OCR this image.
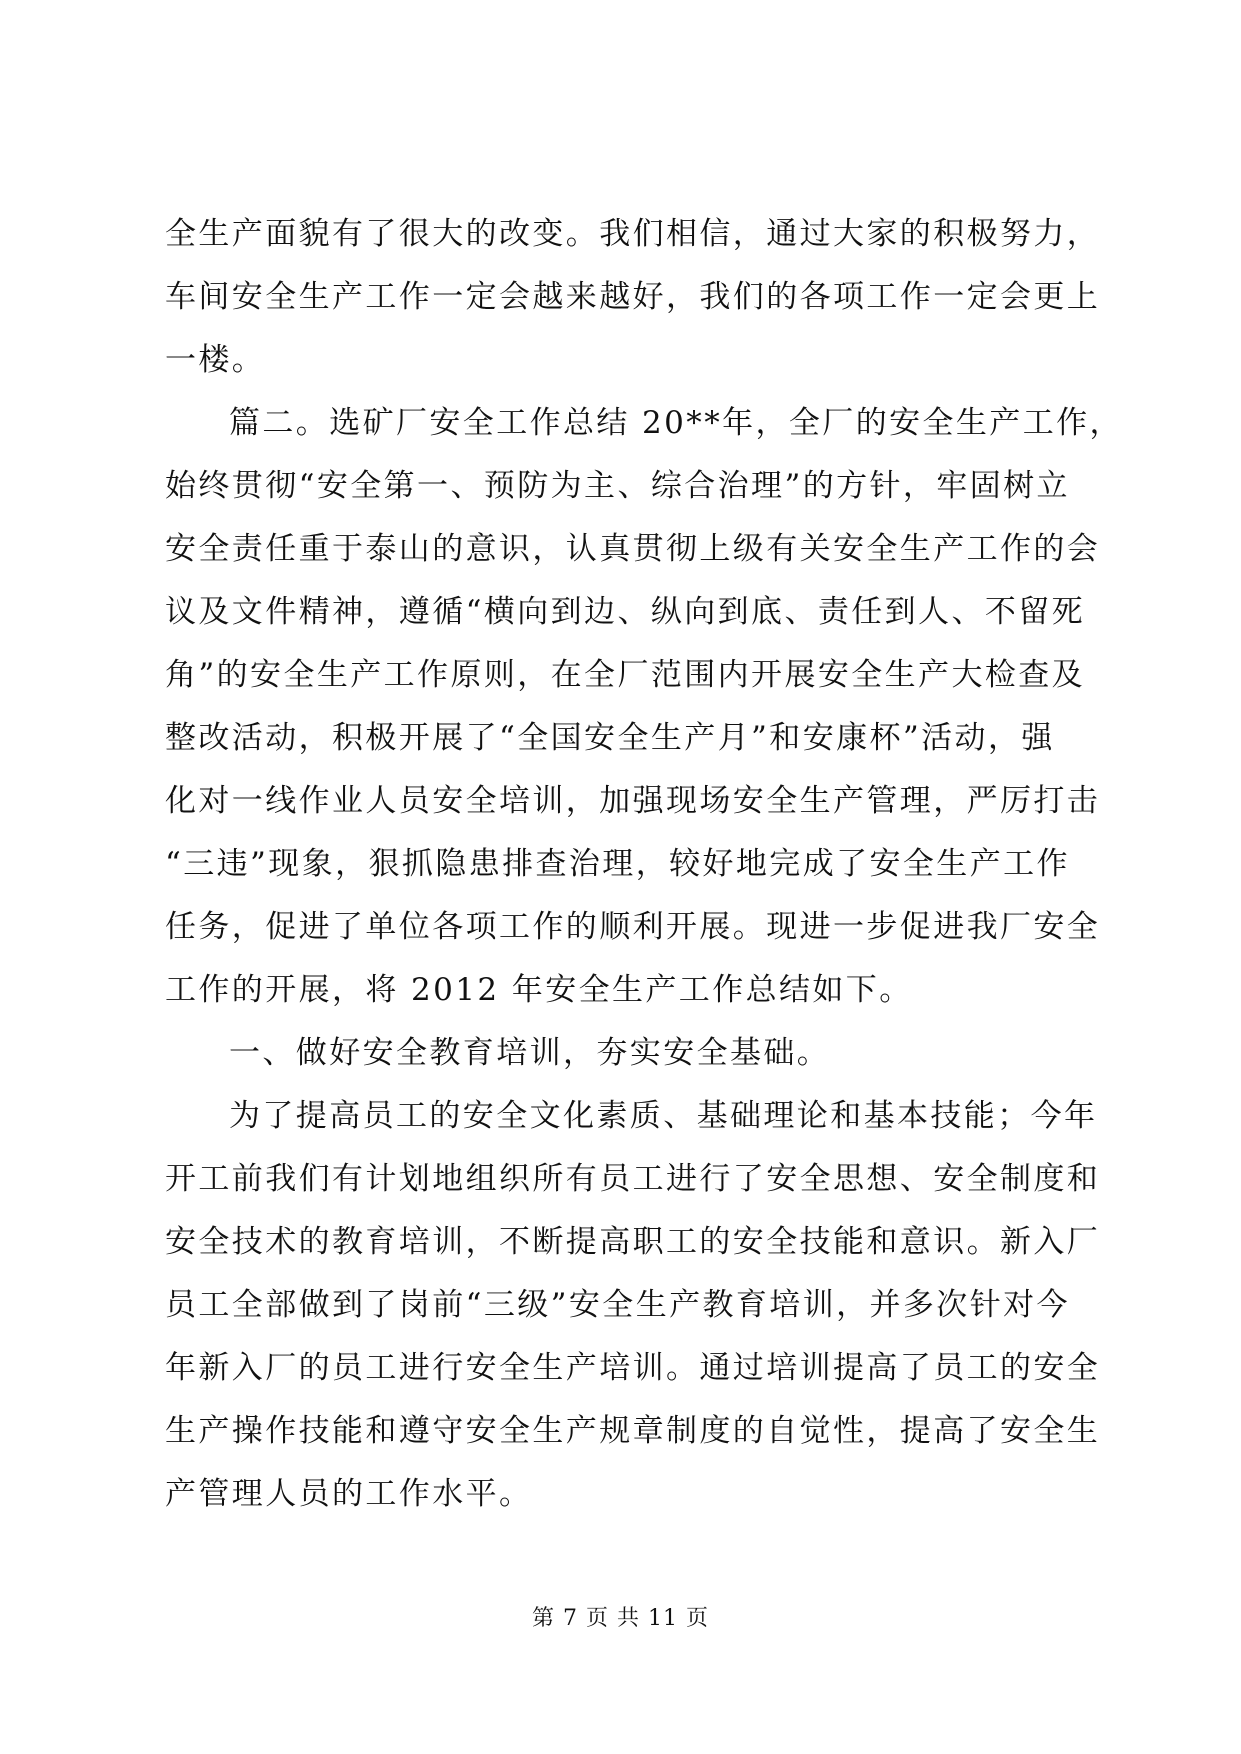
全生产面貌有了很大的改变。我们相信，通过大家的积极努力，
车间安全生产工作一定会越来越好，我们的各项工作一定会更上
一楼。
篇二。选矿厂安全工作总结 20**年，全厂的安全生产工作，
始终贯彻“安全第一、预防为主、综合治理”的方针，牢固树立
安全责任重于泰山的意识，认真贯彻上级有关安全生产工作的会
议及文件精神，遵循“横向到边、纵向到底、责任到人、不留死
角”的安全生产工作原则，在全厂范围内开展安全生产大检查及
整改活动，积极开展了“全国安全生产月”和安康杯”活动，强
化对一线作业人员安全培训，加强现场安全生产管理，严厉打击
“三违”现象，狠抓隐患排查治理，较好地完成了安全生产工作
任务，促进了单位各项工作的顺利开展。现进一步促进我厂安全
工作的开展，将 2012 年安全生产工作总结如下。
一、做好安全教育培训，夯实安全基础。
为了提高员工的安全文化素质、基础理论和基本技能；今年
开工前我们有计划地组织所有员工进行了安全思想、安全制度和
安全技术的教育培训，不断提高职工的安全技能和意识。新入厂
员工全部做到了岗前“三级”安全生产教育培训，并多次针对今
年新入厂的员工进行安全生产培训。通过培训提高了员工的安全
生产操作技能和遵守安全生产规章制度的自觉性，提高了安全生
产管理人员的工作水平。
第 7 页 共 11 页
